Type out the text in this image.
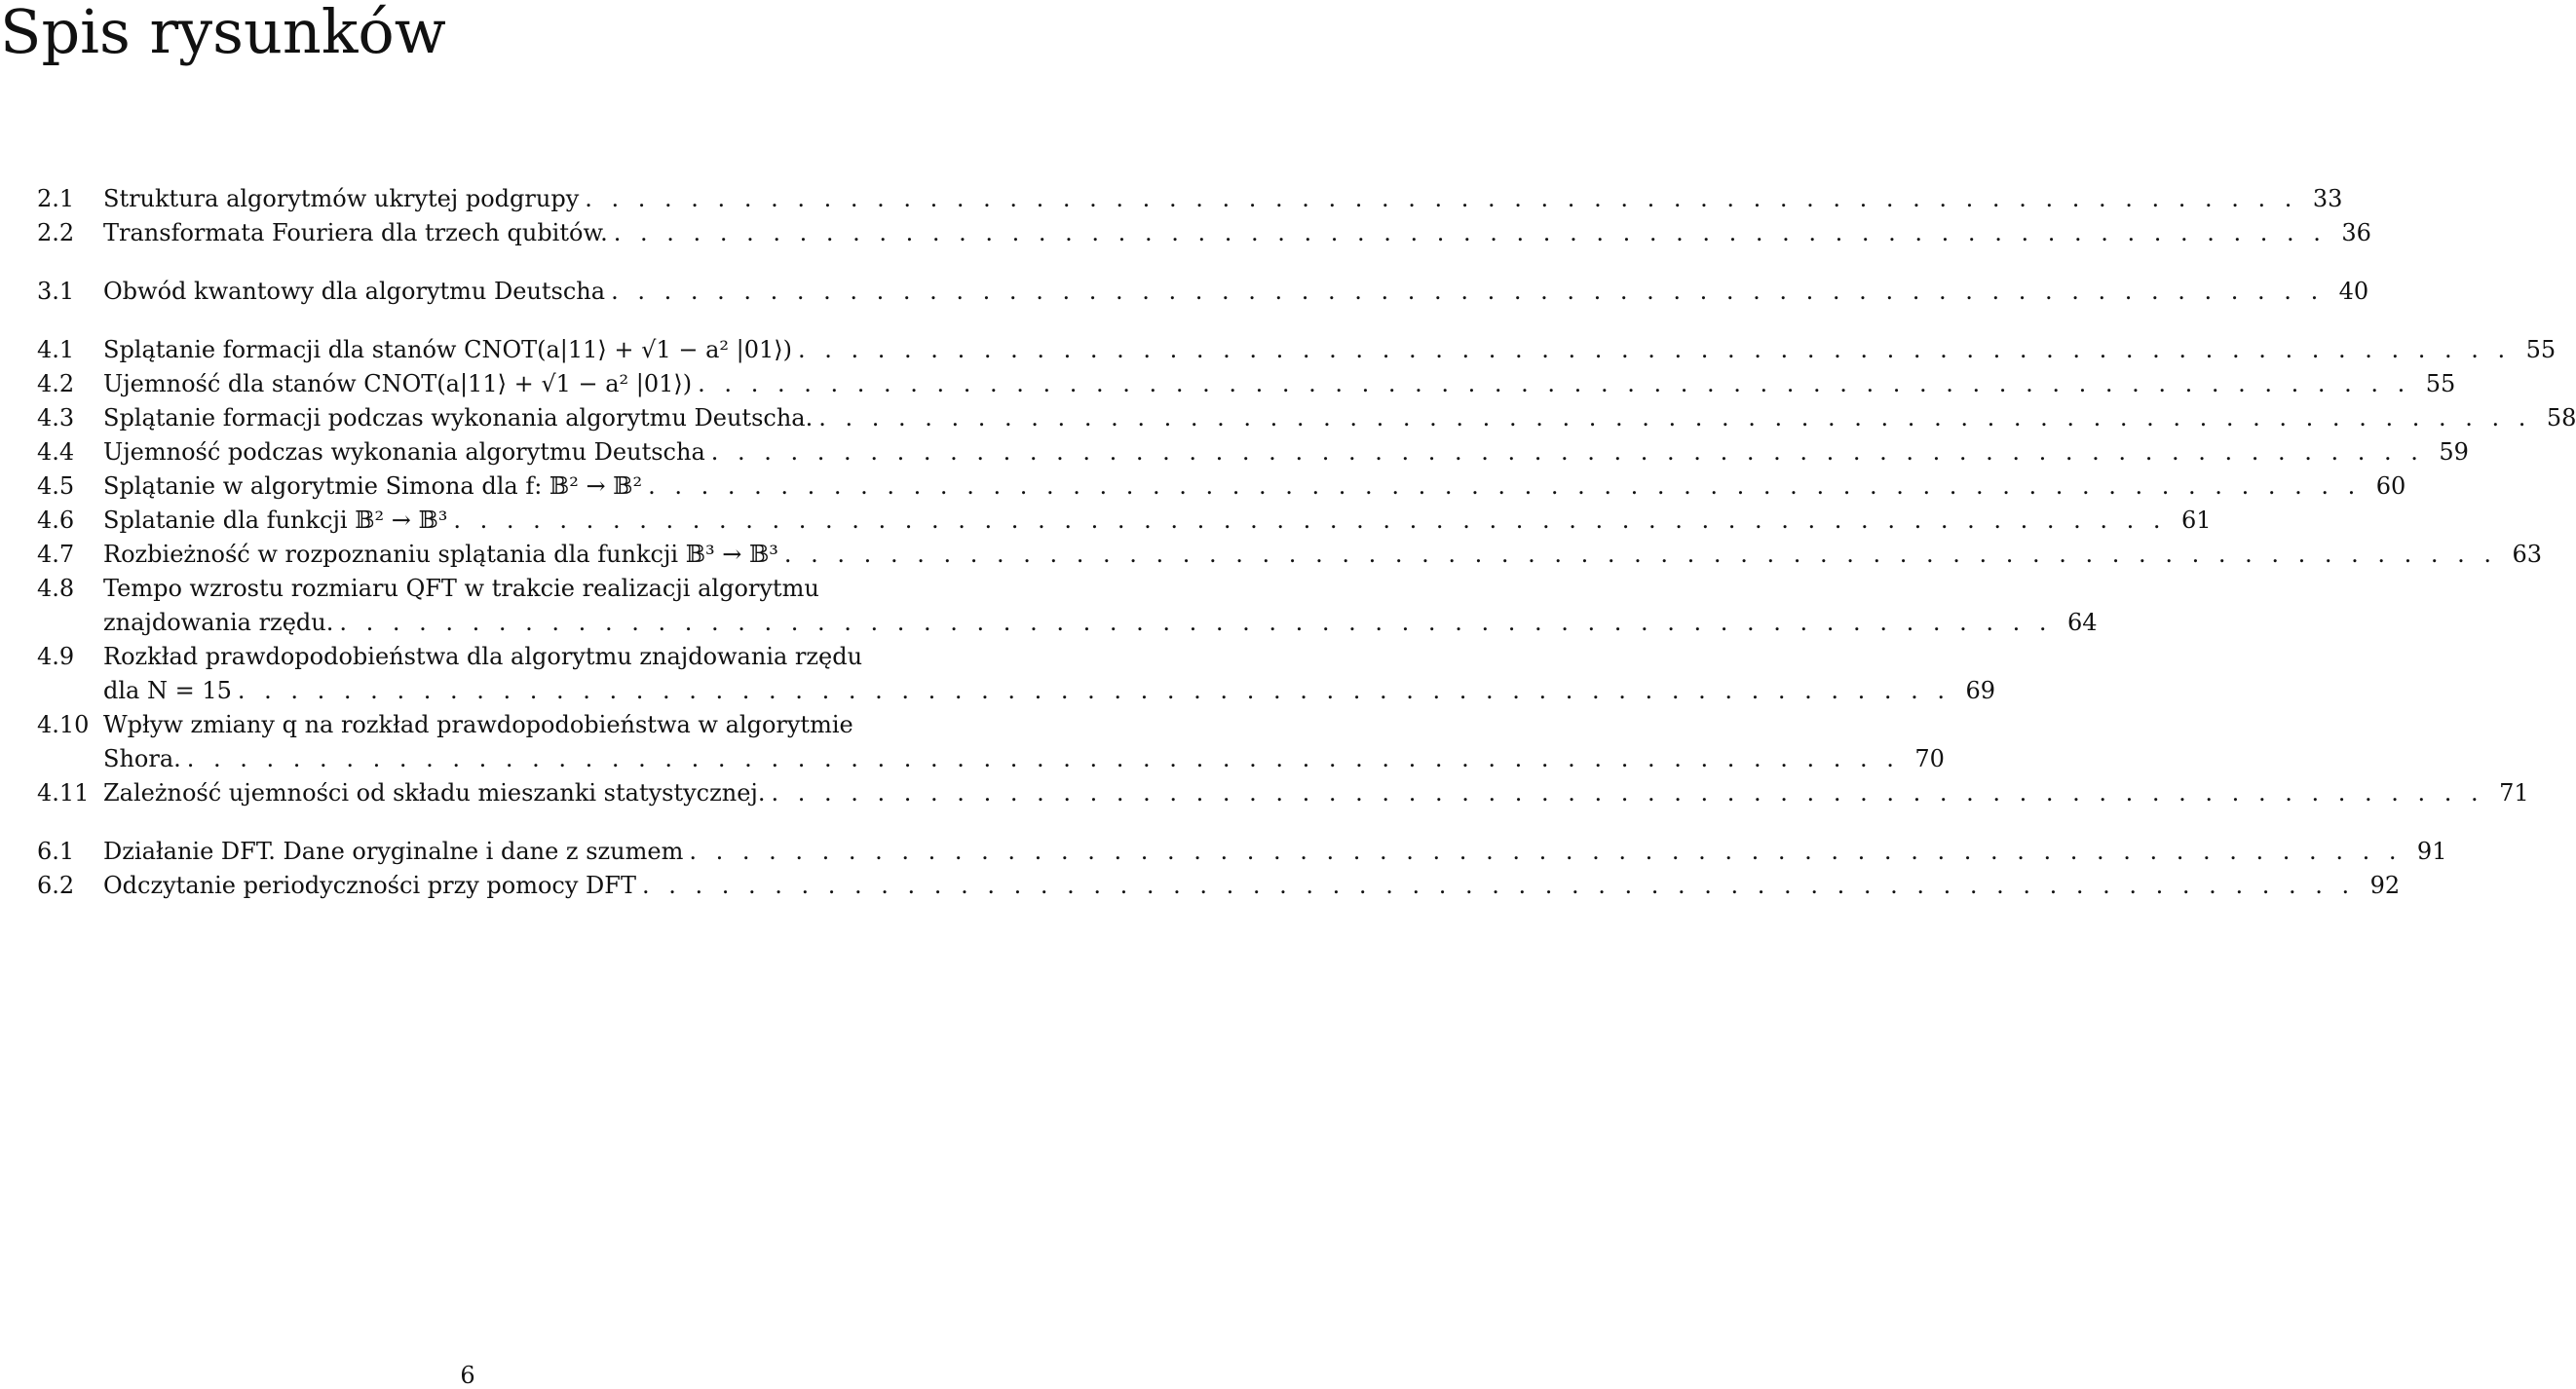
Spis rysunków
2.1	Struktura algorytmów ukrytej podgrupy . . . . . . . . . . . . . . . . . . . . . . . . . . . . . . . . . . . . . . . . . . . . . . . . . . . . . . . . . . . . . . . . . 33
2.2	Transformata Fouriera dla trzech qubitów. . . . . . . . . . . . . . . . . . . . . . . . . . . . . . . . . . . . . . . . . . . . . . . . . . . . . . . . . . . . . . . . . . 36
3.1	Obwód kwantowy dla algorytmu Deutscha . . . . . . . . . . . . . . . . . . . . . . . . . . . . . . . . . . . . . . . . . . . . . . . . . . . . . . . . . . . . . . . . . 40
4.1	Splątanie formacji dla stanów CNOT(a|11⟩ + √1 − a² |01⟩) . . . . . . . . . . . . . . . . . . . . . . . . . . . . . . . . . . . . . . . . . . . . . . . . . . . . . . . . . . . . . . . . . 55
4.2	Ujemność dla stanów CNOT(a|11⟩ + √1 − a² |01⟩) . . . . . . . . . . . . . . . . . . . . . . . . . . . . . . . . . . . . . . . . . . . . . . . . . . . . . . . . . . . . . . . . . 55
4.3	Splątanie formacji podczas wykonania algorytmu Deutscha. . . . . . . . . . . . . . . . . . . . . . . . . . . . . . . . . . . . . . . . . . . . . . . . . . . . . . . . . . . . . . . . . . 58
4.4	Ujemność podczas wykonania algorytmu Deutscha . . . . . . . . . . . . . . . . . . . . . . . . . . . . . . . . . . . . . . . . . . . . . . . . . . . . . . . . . . . . . . . . . 59
4.5	Splątanie w algorytmie Simona dla f: 𝔹² → 𝔹² . . . . . . . . . . . . . . . . . . . . . . . . . . . . . . . . . . . . . . . . . . . . . . . . . . . . . . . . . . . . . . . . . 60
4.6	Splatanie dla funkcji 𝔹² → 𝔹³ . . . . . . . . . . . . . . . . . . . . . . . . . . . . . . . . . . . . . . . . . . . . . . . . . . . . . . . . . . . . . . . . . 61
4.7	Rozbieżność w rozpoznaniu splątania dla funkcji 𝔹³ → 𝔹³ . . . . . . . . . . . . . . . . . . . . . . . . . . . . . . . . . . . . . . . . . . . . . . . . . . . . . . . . . . . . . . . . . 63
4.8	Tempo wzrostu rozmiaru QFT w trakcie realizacji algorytmu
znajdowania rzędu. . . . . . . . . . . . . . . . . . . . . . . . . . . . . . . . . . . . . . . . . . . . . . . . . . . . . . . . . . . . . . . . . . 64
4.9	Rozkład prawdopodobieństwa dla algorytmu znajdowania rzędu
dla N = 15 . . . . . . . . . . . . . . . . . . . . . . . . . . . . . . . . . . . . . . . . . . . . . . . . . . . . . . . . . . . . . . . . . 69
4.10 Wpływ zmiany q na rozkład prawdopodobieństwa w algorytmie
Shora. . . . . . . . . . . . . . . . . . . . . . . . . . . . . . . . . . . . . . . . . . . . . . . . . . . . . . . . . . . . . . . . . . 70
4.11 Zależność ujemności od składu mieszanki statystycznej. . . . . . . . . . . . . . . . . . . . . . . . . . . . . . . . . . . . . . . . . . . . . . . . . . . . . . . . . . . . . . . . . . 71
6.1	Działanie DFT. Dane oryginalne i dane z szumem . . . . . . . . . . . . . . . . . . . . . . . . . . . . . . . . . . . . . . . . . . . . . . . . . . . . . . . . . . . . . . . . . 91
6.2	Odczytanie periodyczności przy pomocy DFT . . . . . . . . . . . . . . . . . . . . . . . . . . . . . . . . . . . . . . . . . . . . . . . . . . . . . . . . . . . . . . . . . 92
6
